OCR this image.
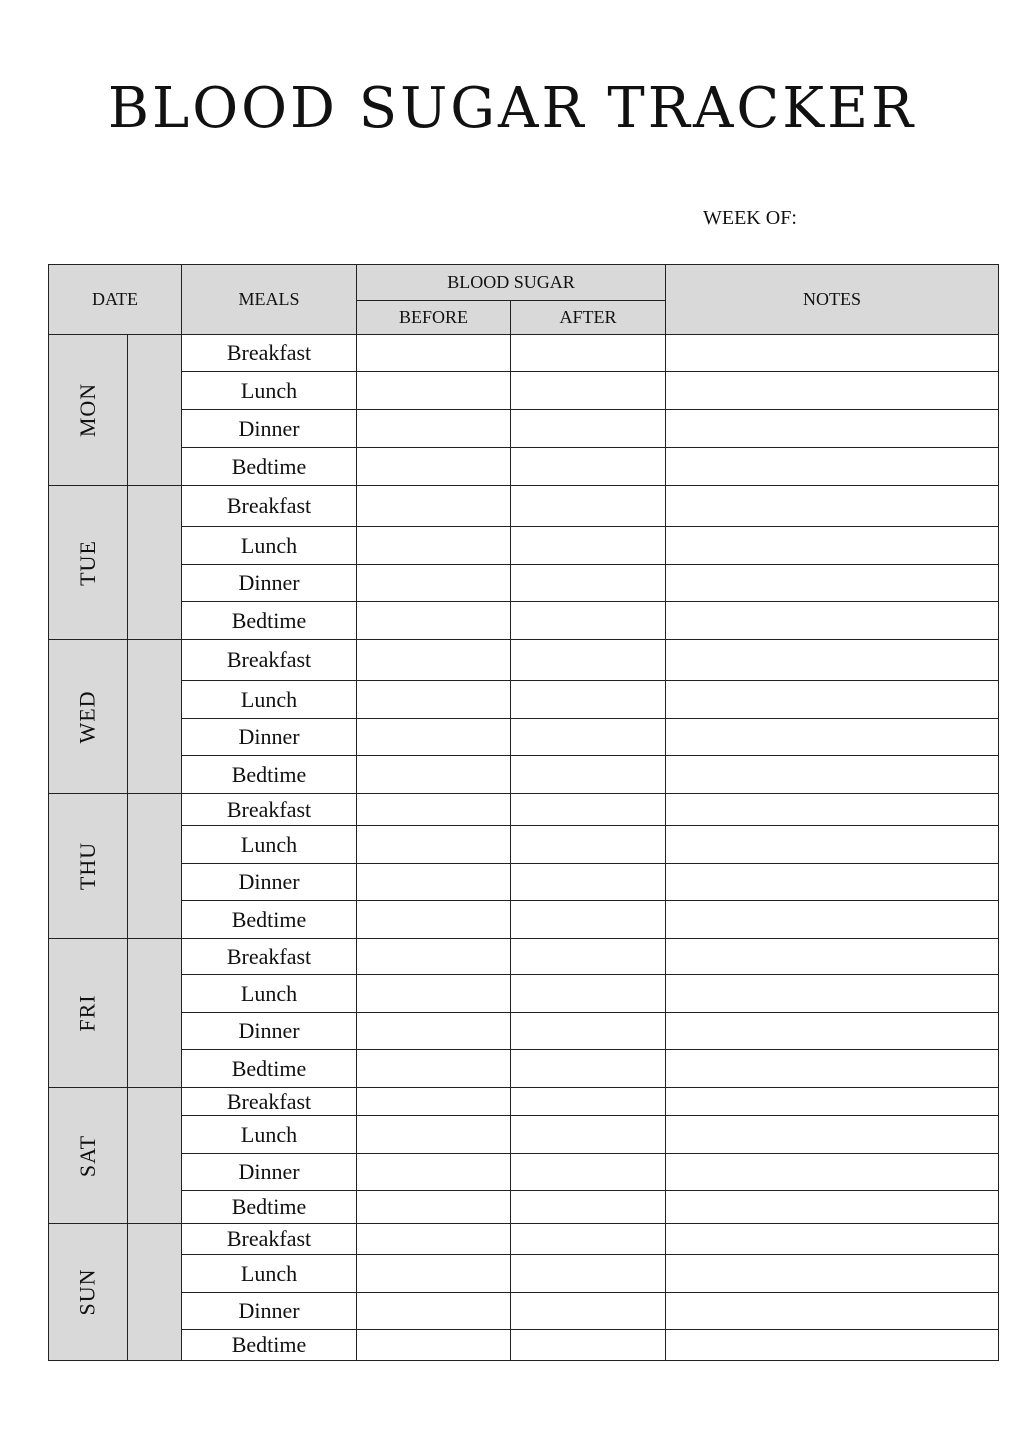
BLOOD SUGAR TRACKER
WEEK OF:
DATE		MEALS	BLOOD SUGAR		NOTES
			BEFORE	AFTER	
MON		Breakfast			
		Lunch			
		Dinner			
		Bedtime			
TUE		Breakfast			
		Lunch			
		Dinner			
		Bedtime			
WED		Breakfast			
		Lunch			
		Dinner			
		Bedtime			
THU		Breakfast			
		Lunch			
		Dinner			
		Bedtime			
FRI		Breakfast			
		Lunch			
		Dinner			
		Bedtime			
SAT		Breakfast			
		Lunch			
		Dinner			
		Bedtime			
SUN		Breakfast			
		Lunch			
		Dinner			
		Bedtime			
